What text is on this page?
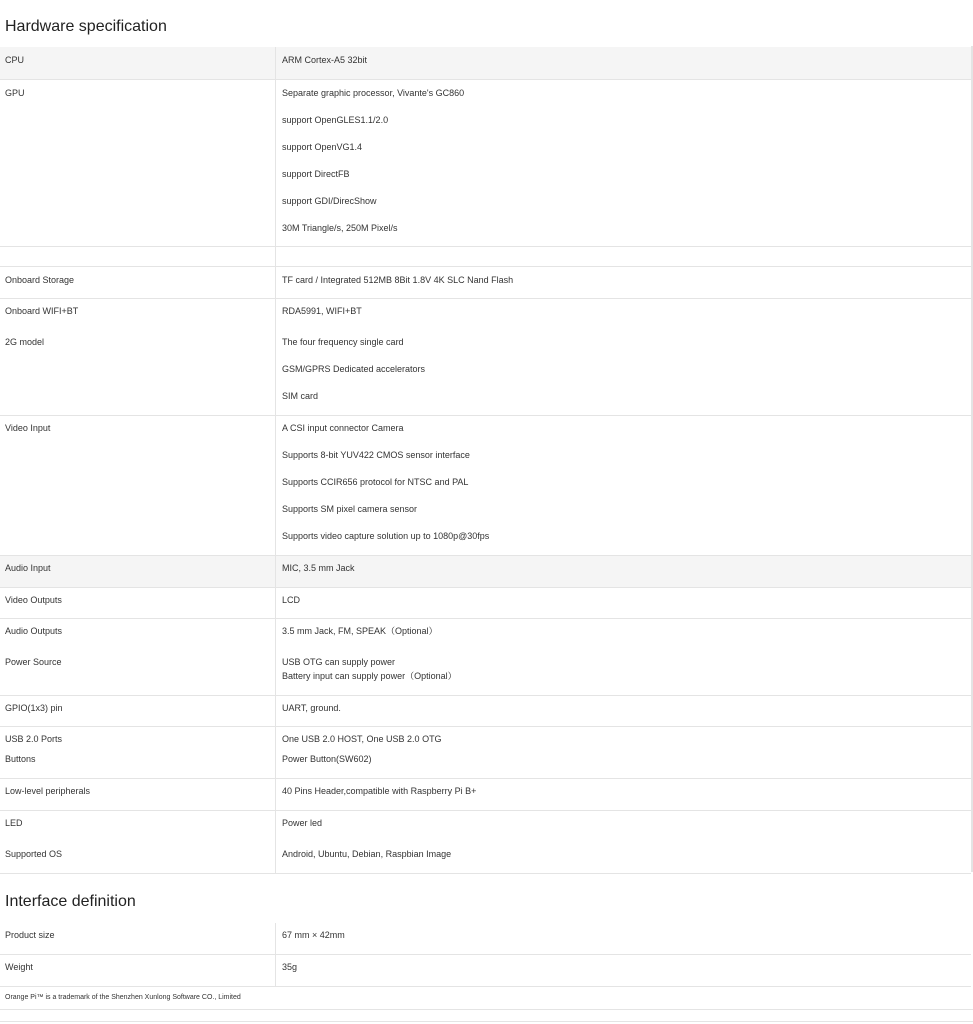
Hardware specification
CPU	ARM Cortex-A5 32bit
GPU	Separate graphic processor, Vivante's GC860
support OpenGLES1.1/2.0
support OpenVG1.4
support DirectFB
support GDI/DirecShow
30M Triangle/s, 250M Pixel/s
Onboard Storage	TF card / Integrated 512MB 8Bit 1.8V 4K SLC Nand Flash
Onboard WIFI+BT	RDA5991, WIFI+BT
2G model	The four frequency single card
GSM/GPRS Dedicated accelerators
SIM card
Video Input	A CSI input connector Camera
Supports 8-bit YUV422 CMOS sensor interface
Supports CCIR656 protocol for NTSC and PAL
Supports SM pixel camera sensor
Supports video capture solution up to 1080p@30fps
Audio Input	MIC, 3.5 mm Jack
Video Outputs	LCD
Audio Outputs	3.5 mm Jack, FM, SPEAK（Optional）
Power Source	USB OTG can supply power
Battery input can supply power（Optional）
GPIO(1x3) pin	UART, ground.
USB 2.0 Ports	One USB 2.0 HOST, One USB 2.0 OTG
Buttons	Power Button(SW602)
Low-level peripherals	40 Pins Header,compatible with Raspberry Pi B+
LED	Power led
Supported OS	Android, Ubuntu, Debian, Raspbian Image
Interface definition
Product size	67 mm × 42mm
Weight	35g
Orange Pi™ is a trademark of the Shenzhen Xunlong Software CO., Limited
